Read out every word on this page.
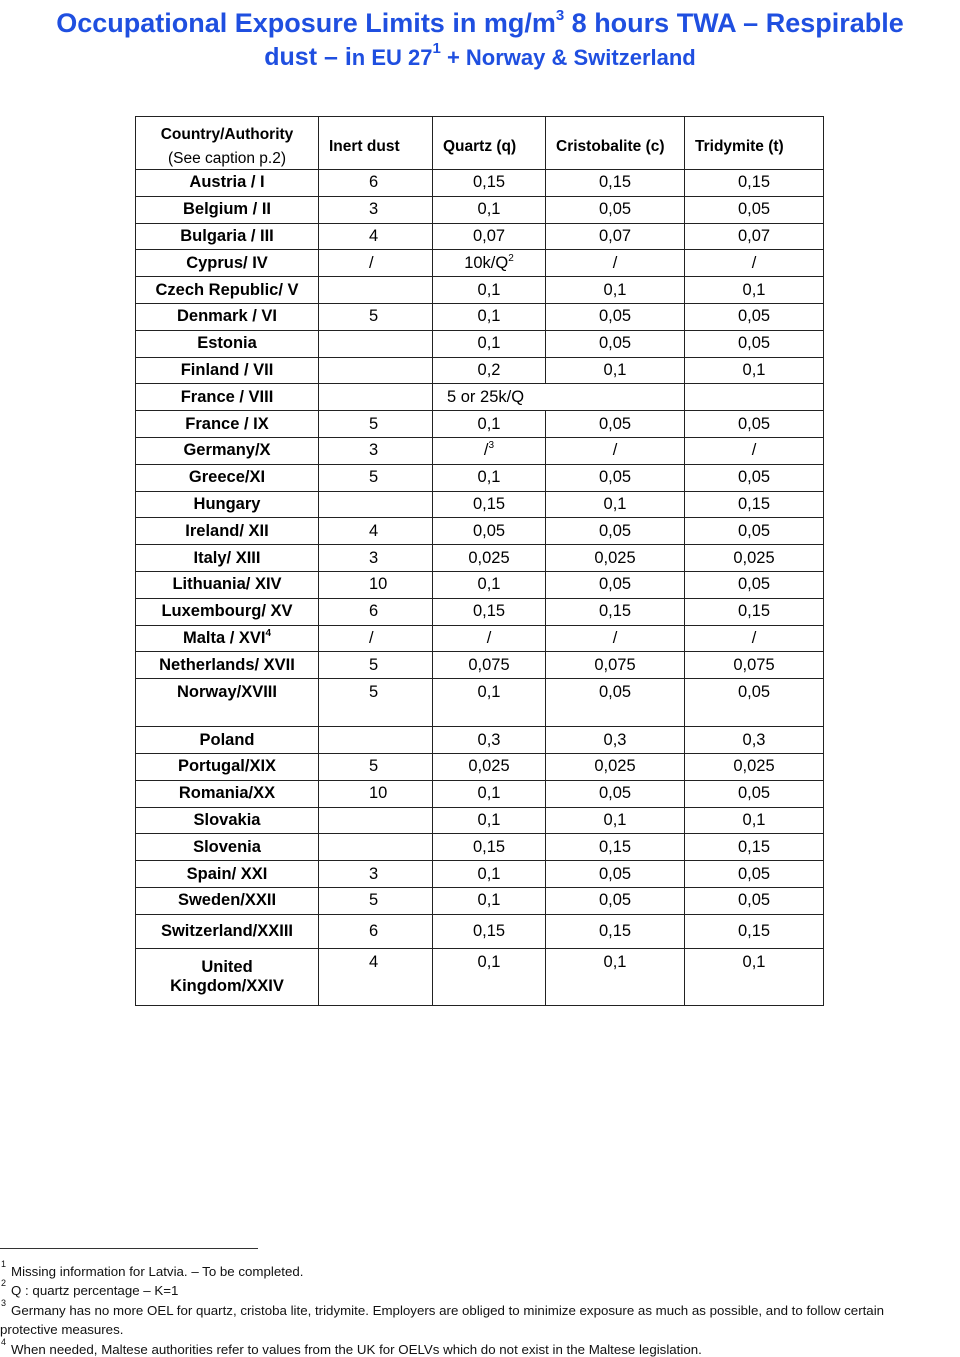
Occupational Exposure Limits in $mg/m^3$ 8 hours TWA – Respirable
dust – in EU $27^1$ + Norway & Switzerland
Country/Authority
(See caption p.2)	Inert dust	Quartz (q)	Cristobalite (c)	Tridymite (t)

Austria / I	6	0,15	0,15	0,15
Belgium / II	3	0,1	0,05	0,05
Bulgaria / III	4	0,07	0,07	0,07
Cyprus/ IV	/	10k/Q$^2$	/	/
Czech Republic/ V		0,1	0,1	0,1
Denmark / VI	5	0,1	0,05	0,05
Estonia		0,1	0,05	0,05
Finland / VII		0,2	0,1	0,1
France / VIII		5 or 25k/Q		
France / IX	5	0,1	0,05	0,05
Germany/X	3	/$^3$	/	/
Greece/XI	5	0,1	0,05	0,05
Hungary		0,15	0,1	0,15
Ireland/ XII	4	0,05	0,05	0,05
Italy/ XIII	3	0,025	0,025	0,025
Lithuania/ XIV	10	0,1	0,05	0,05
Luxembourg/ XV	6	0,15	0,15	0,15
Malta / XVI$^4$	/	/	/	/
Netherlands/ XVII	5	0,075	0,075	0,075
Norway/XVIII	5	0,1	0,05	0,05
Poland		0,3	0,3	0,3
Portugal/XIX	5	0,025	0,025	0,025
Romania/XX	10	0,1	0,05	0,05
Slovakia		0,1	0,1	0,1
Slovenia		0,15	0,15	0,15
Spain/ XXI	3	0,1	0,05	0,05
Sweden/XXII	5	0,1	0,05	0,05
Switzerland/XXIII	6	0,15	0,15	0,15

United
Kingdom/XXIV	4	0,1	0,1	0,1
1 Missing information for Latvia. – To be completed.
2 Q : quartz percentage – K=1
3 Germany has no more OEL for quartz, cristoba lite, tridymite. Employers are obliged to minimize exposure as much as possible, and to follow certain
protective measures.
4 When needed, Maltese authorities refer to values from the UK for OELVs which do not exist in the Maltese legislation.
